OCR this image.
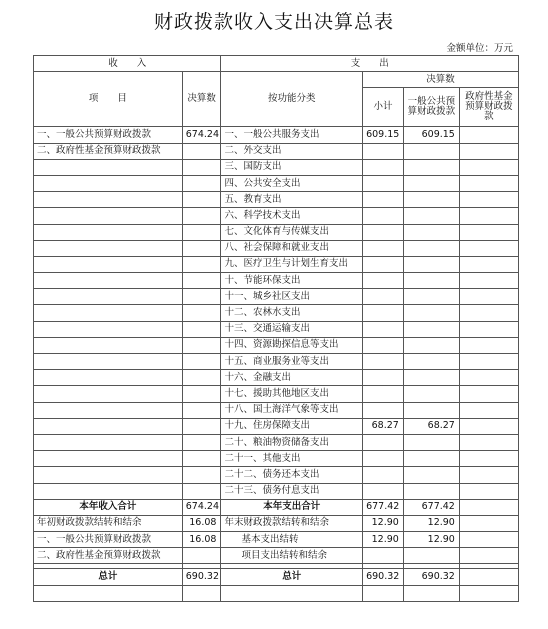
财政拨款收入支出决算总表
金额单位：万元
收　　入		支　　出			
项　　目	决算数	按功能分类	决算数		
			小计	一般公共预算财政拨款	政府性基金预算财政拨款

一、一般公共预算财政拨款	674.24	一、一般公共服务支出	609.15	609.15	
二、政府性基金预算财政拨款		二、外交支出			
		三、国防支出			
		四、公共安全支出			
		五、教育支出			
		六、科学技术支出			
		七、文化体育与传媒支出			
		八、社会保障和就业支出			
		九、医疗卫生与计划生育支出			
		十、节能环保支出			
		十一、城乡社区支出			
		十二、农林水支出			
		十三、交通运输支出			
		十四、资源勘探信息等支出			
		十五、商业服务业等支出			
		十六、金融支出			
		十七、援助其他地区支出			
		十八、国土海洋气象等支出			
		十九、住房保障支出	68.27	68.27	
		二十、粮油物资储备支出			
		二十一、其他支出			
		二十二、债务还本支出			
		二十三、债务付息支出			
本年收入合计	674.24	本年支出合计	677.42	677.42	
年初财政拨款结转和结余	16.08	年末财政拨款结转和结余	12.90	12.90	
一、一般公共预算财政拨款	16.08	基本支出结转	12.90	12.90	
二、政府性基金预算财政拨款		项目支出结转和结余			

总计	690.32	总计	690.32	690.32	
